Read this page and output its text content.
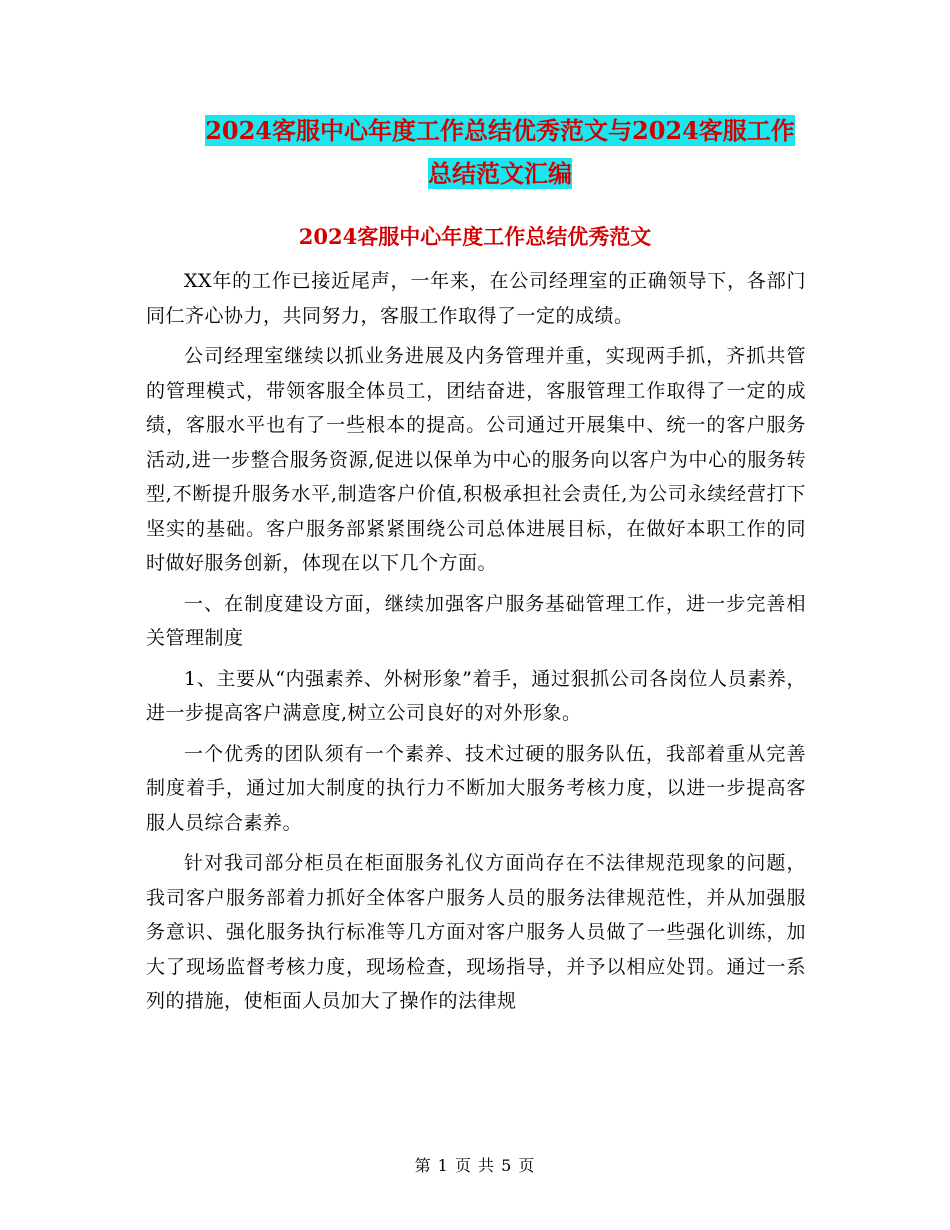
2024客服中心年度工作总结优秀范文与2024客服工作
总结范文汇编
2024客服中心年度工作总结优秀范文

XX年的工作已接近尾声，一年来，在公司经理室的正确领导下，各部门同仁齐心协力，共同努力，客服工作取得了一定的成绩。

公司经理室继续以抓业务进展及内务管理并重，实现两手抓，齐抓共管的管理模式，带领客服全体员工，团结奋进，客服管理工作取得了一定的成绩，客服水平也有了一些根本的提高。公司通过开展集中、统一的客户服务活动,进一步整合服务资源,促进以保单为中心的服务向以客户为中心的服务转型,不断提升服务水平,制造客户价值,积极承担社会责任,为公司永续经营打下坚实的基础。客户服务部紧紧围绕公司总体进展目标，在做好本职工作的同时做好服务创新，体现在以下几个方面。

一、在制度建设方面，继续加强客户服务基础管理工作，进一步完善相关管理制度

1、主要从“内强素养、外树形象”着手，通过狠抓公司各岗位人员素养，进一步提高客户满意度,树立公司良好的对外形象。

一个优秀的团队须有一个素养、技术过硬的服务队伍，我部着重从完善制度着手，通过加大制度的执行力不断加大服务考核力度，以进一步提高客服人员综合素养。

针对我司部分柜员在柜面服务礼仪方面尚存在不法律规范现象的问题，我司客户服务部着力抓好全体客户服务人员的服务法律规范性，并从加强服务意识、强化服务执行标准等几方面对客户服务人员做了一些强化训练，加大了现场监督考核力度，现场检查，现场指导，并予以相应处罚。通过一系列的措施，使柜面人员加大了操作的法律规

第 1 页 共 5 页
